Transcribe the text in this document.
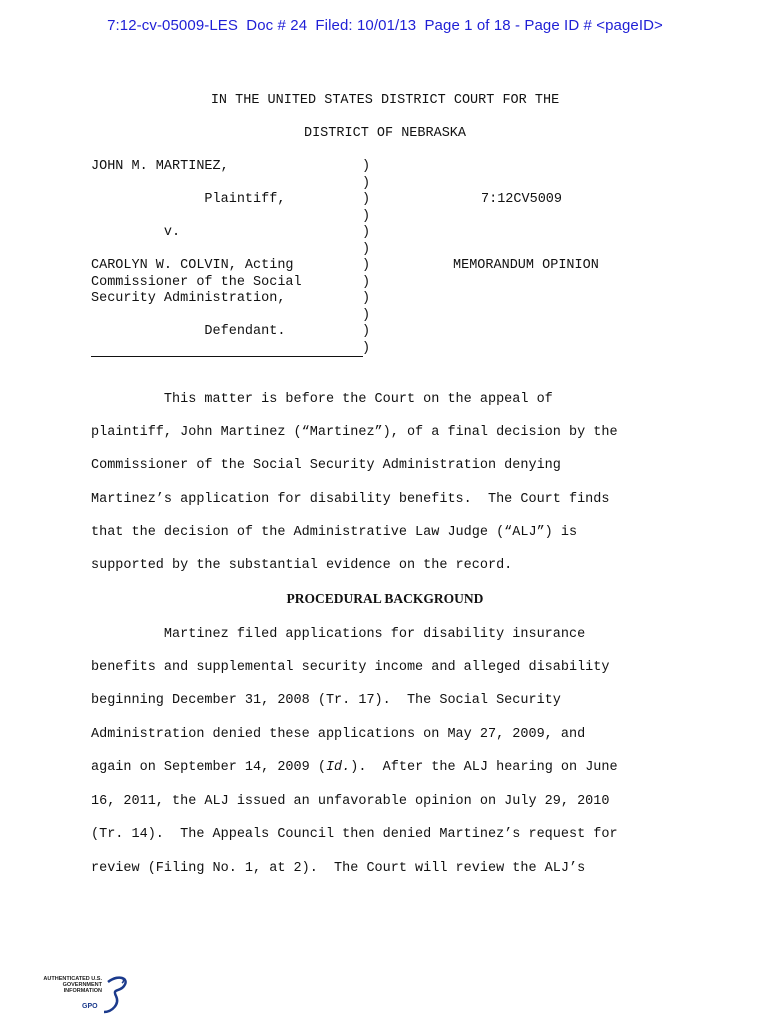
7:12-cv-05009-LES Doc # 24 Filed: 10/01/13 Page 1 of 18 - Page ID # <pageID>
IN THE UNITED STATES DISTRICT COURT FOR THE
DISTRICT OF NEBRASKA
JOHN M. MARTINEZ,
Plaintiff,
v.
CAROLYN W. COLVIN, Acting
Commissioner of the Social
Security Administration,
Defendant.
)
)
)
)
)
)
)
)
)
)
)
)
7:12CV5009
MEMORANDUM OPINION
This matter is before the Court on the appeal of
plaintiff, John Martinez (“Martinez”), of a final decision by the
Commissioner of the Social Security Administration denying
Martinez’s application for disability benefits.  The Court finds
that the decision of the Administrative Law Judge (“ALJ”) is
supported by the substantial evidence on the record.
PROCEDURAL BACKGROUND
Martinez filed applications for disability insurance
benefits and supplemental security income and alleged disability
beginning December 31, 2008 (Tr. 17).  The Social Security
Administration denied these applications on May 27, 2009, and
again on September 14, 2009 (Id.).  After the ALJ hearing on June
16, 2011, the ALJ issued an unfavorable opinion on July 29, 2010
(Tr. 14).  The Appeals Council then denied Martinez’s request for
review (Filing No. 1, at 2).  The Court will review the ALJ’s
AUTHENTICATED U.S. GOVERNMENT INFORMATION
GPO
